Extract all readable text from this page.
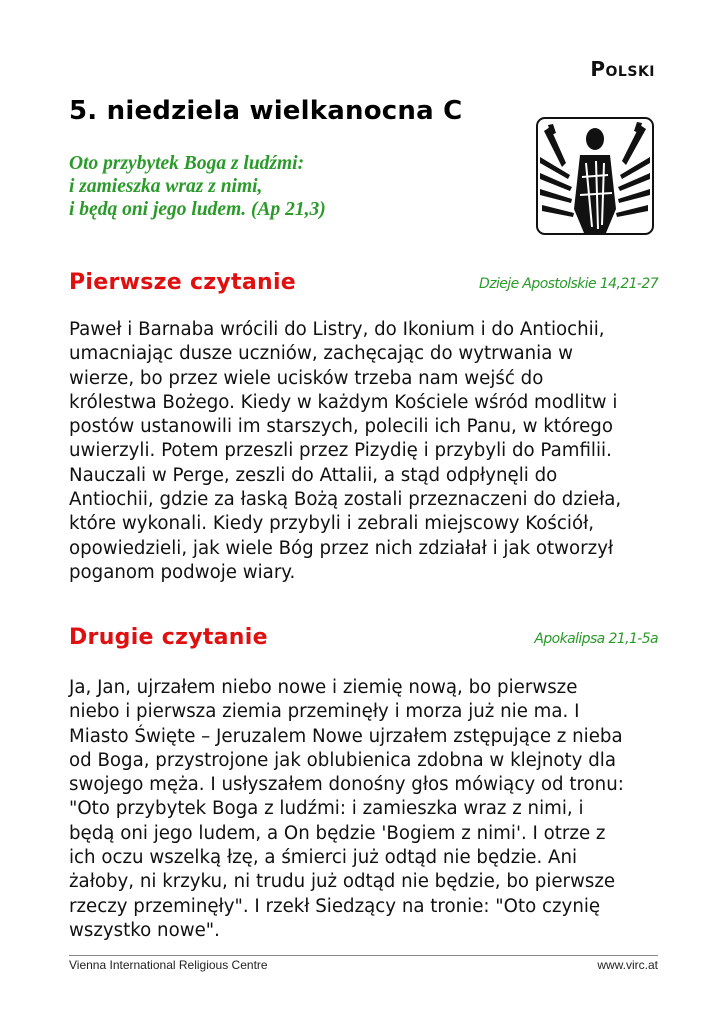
Polski
5. niedziela wielkanocna C
Oto przybytek Boga z ludźmi:
i zamieszka wraz z nimi,
i będą oni jego ludem. (Ap 21,3)
Pierwsze czytanie	Dzieje Apostolskie 14,21-27
Paweł i Barnaba wrócili do Listry, do Ikonium i do Antiochii,
umacniając dusze uczniów, zachęcając do wytrwania w
wierze, bo przez wiele ucisków trzeba nam wejść do
królestwa Bożego. Kiedy w każdym Kościele wśród modlitw i
postów ustanowili im starszych, polecili ich Panu, w którego
uwierzyli. Potem przeszli przez Pizydię i przybyli do Pamfilii.
Nauczali w Perge, zeszli do Attalii, a stąd odpłynęli do
Antiochii, gdzie za łaską Bożą zostali przeznaczeni do dzieła,
które wykonali. Kiedy przybyli i zebrali miejscowy Kościół,
opowiedzieli, jak wiele Bóg przez nich zdziałał i jak otworzył
poganom podwoje wiary.
Drugie czytanie	Apokalipsa 21,1-5a
Ja, Jan, ujrzałem niebo nowe i ziemię nową, bo pierwsze
niebo i pierwsza ziemia przeminęły i morza już nie ma. I
Miasto Święte – Jeruzalem Nowe ujrzałem zstępujące z nieba
od Boga, przystrojone jak oblubienica zdobna w klejnoty dla
swojego męża. I usłyszałem donośny głos mówiący od tronu:
"Oto przybytek Boga z ludźmi: i zamieszka wraz z nimi, i
będą oni jego ludem, a On będzie 'Bogiem z nimi'. I otrze z
ich oczu wszelką łzę, a śmierci już odtąd nie będzie. Ani
żałoby, ni krzyku, ni trudu już odtąd nie będzie, bo pierwsze
rzeczy przeminęły". I rzekł Siedzący na tronie: "Oto czynię
wszystko nowe".
Vienna International Religious Centre	www.virc.at
